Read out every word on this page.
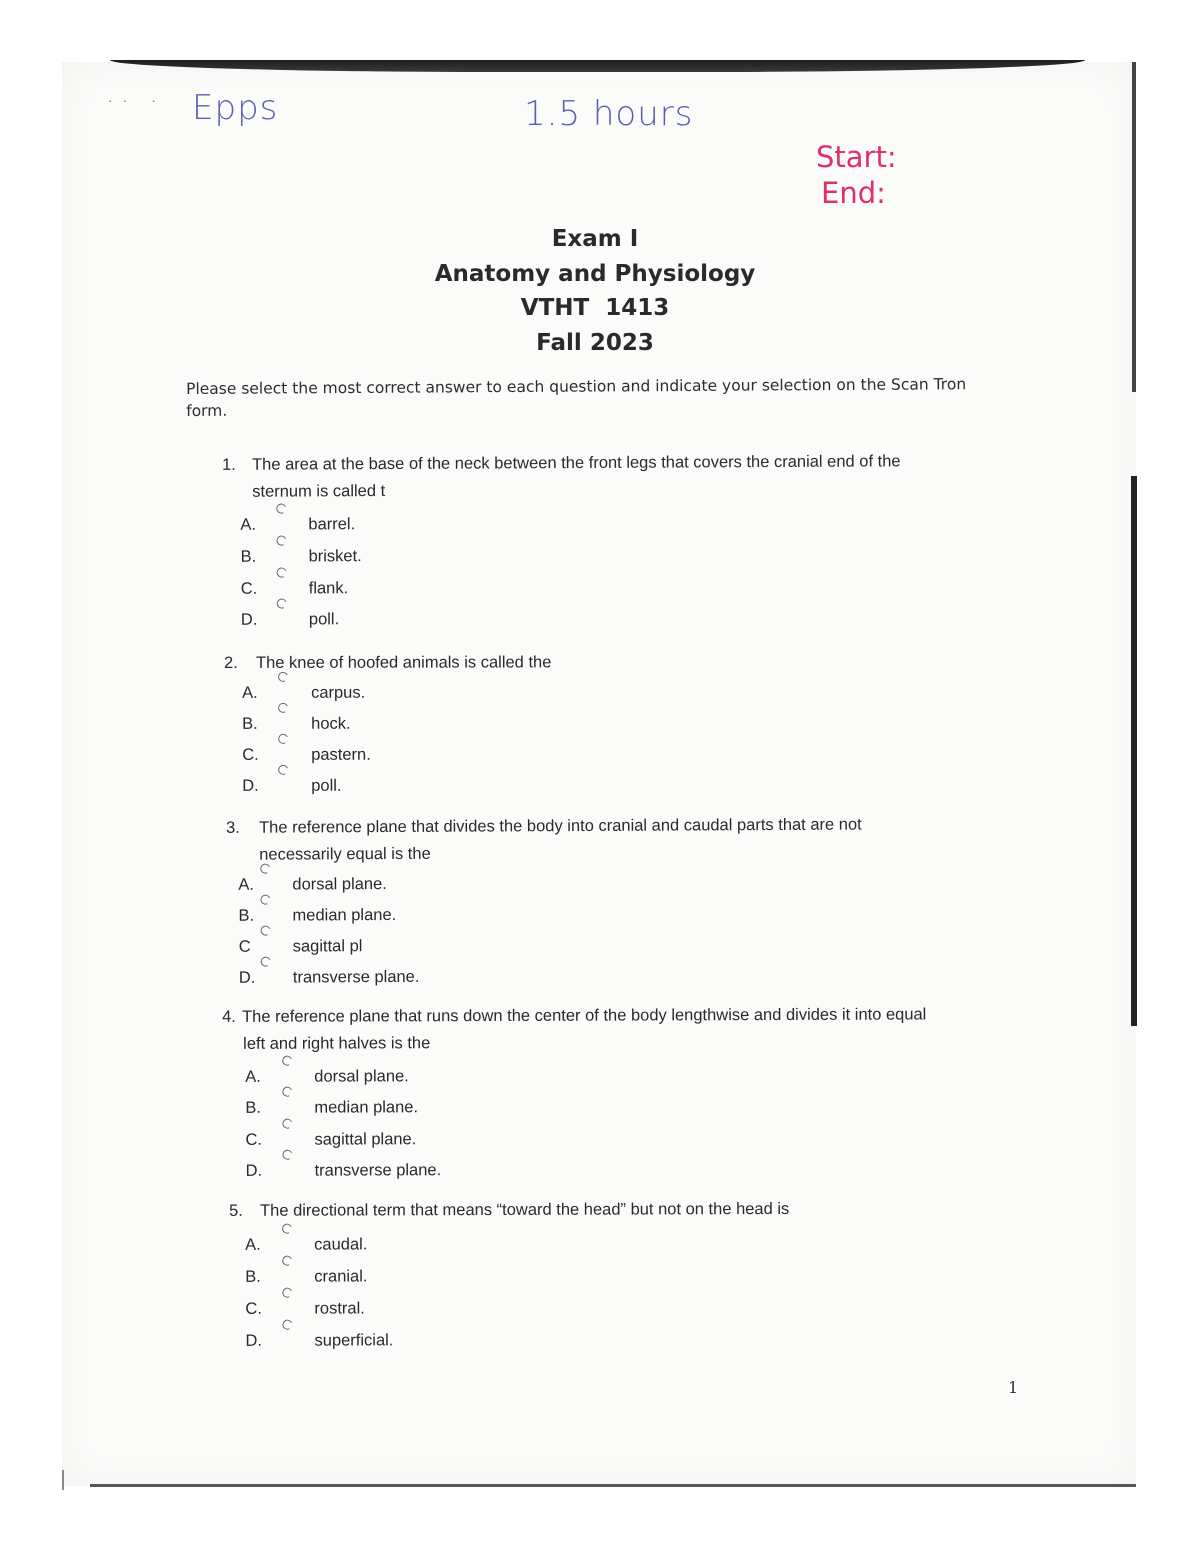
·· · Epps	1.5 hours
Start:
End:
Exam I
Anatomy and Physiology
VTHT  1413
Fall 2023
Please select the most correct answer to each question and indicate your selection on the Scan Tron form.
1. The area at the base of the neck between the front legs that covers the cranial end of the
sternum is called t
A.	barrel.
B.	brisket.
C.	flank.
D.	poll.
2. The knee of hoofed animals is called the
A.	carpus.
B.	hock.
C.	pastern.
D.	poll.
3. The reference plane that divides the body into cranial and caudal parts that are not
necessarily equal is the
A. dorsal plane.
B. median plane.
C	sagittal pl
D. transverse plane.
4. The reference plane that runs down the center of the body lengthwise and divides it into equal
left and right halves is the
A.	dorsal plane.
B.	median plane.
C.	sagittal plane.
D.	transverse plane.
5. The directional term that means “toward the head” but not on the head is
A.	caudal.
B.	cranial.
C.	rostral.
D.	superficial.
1
